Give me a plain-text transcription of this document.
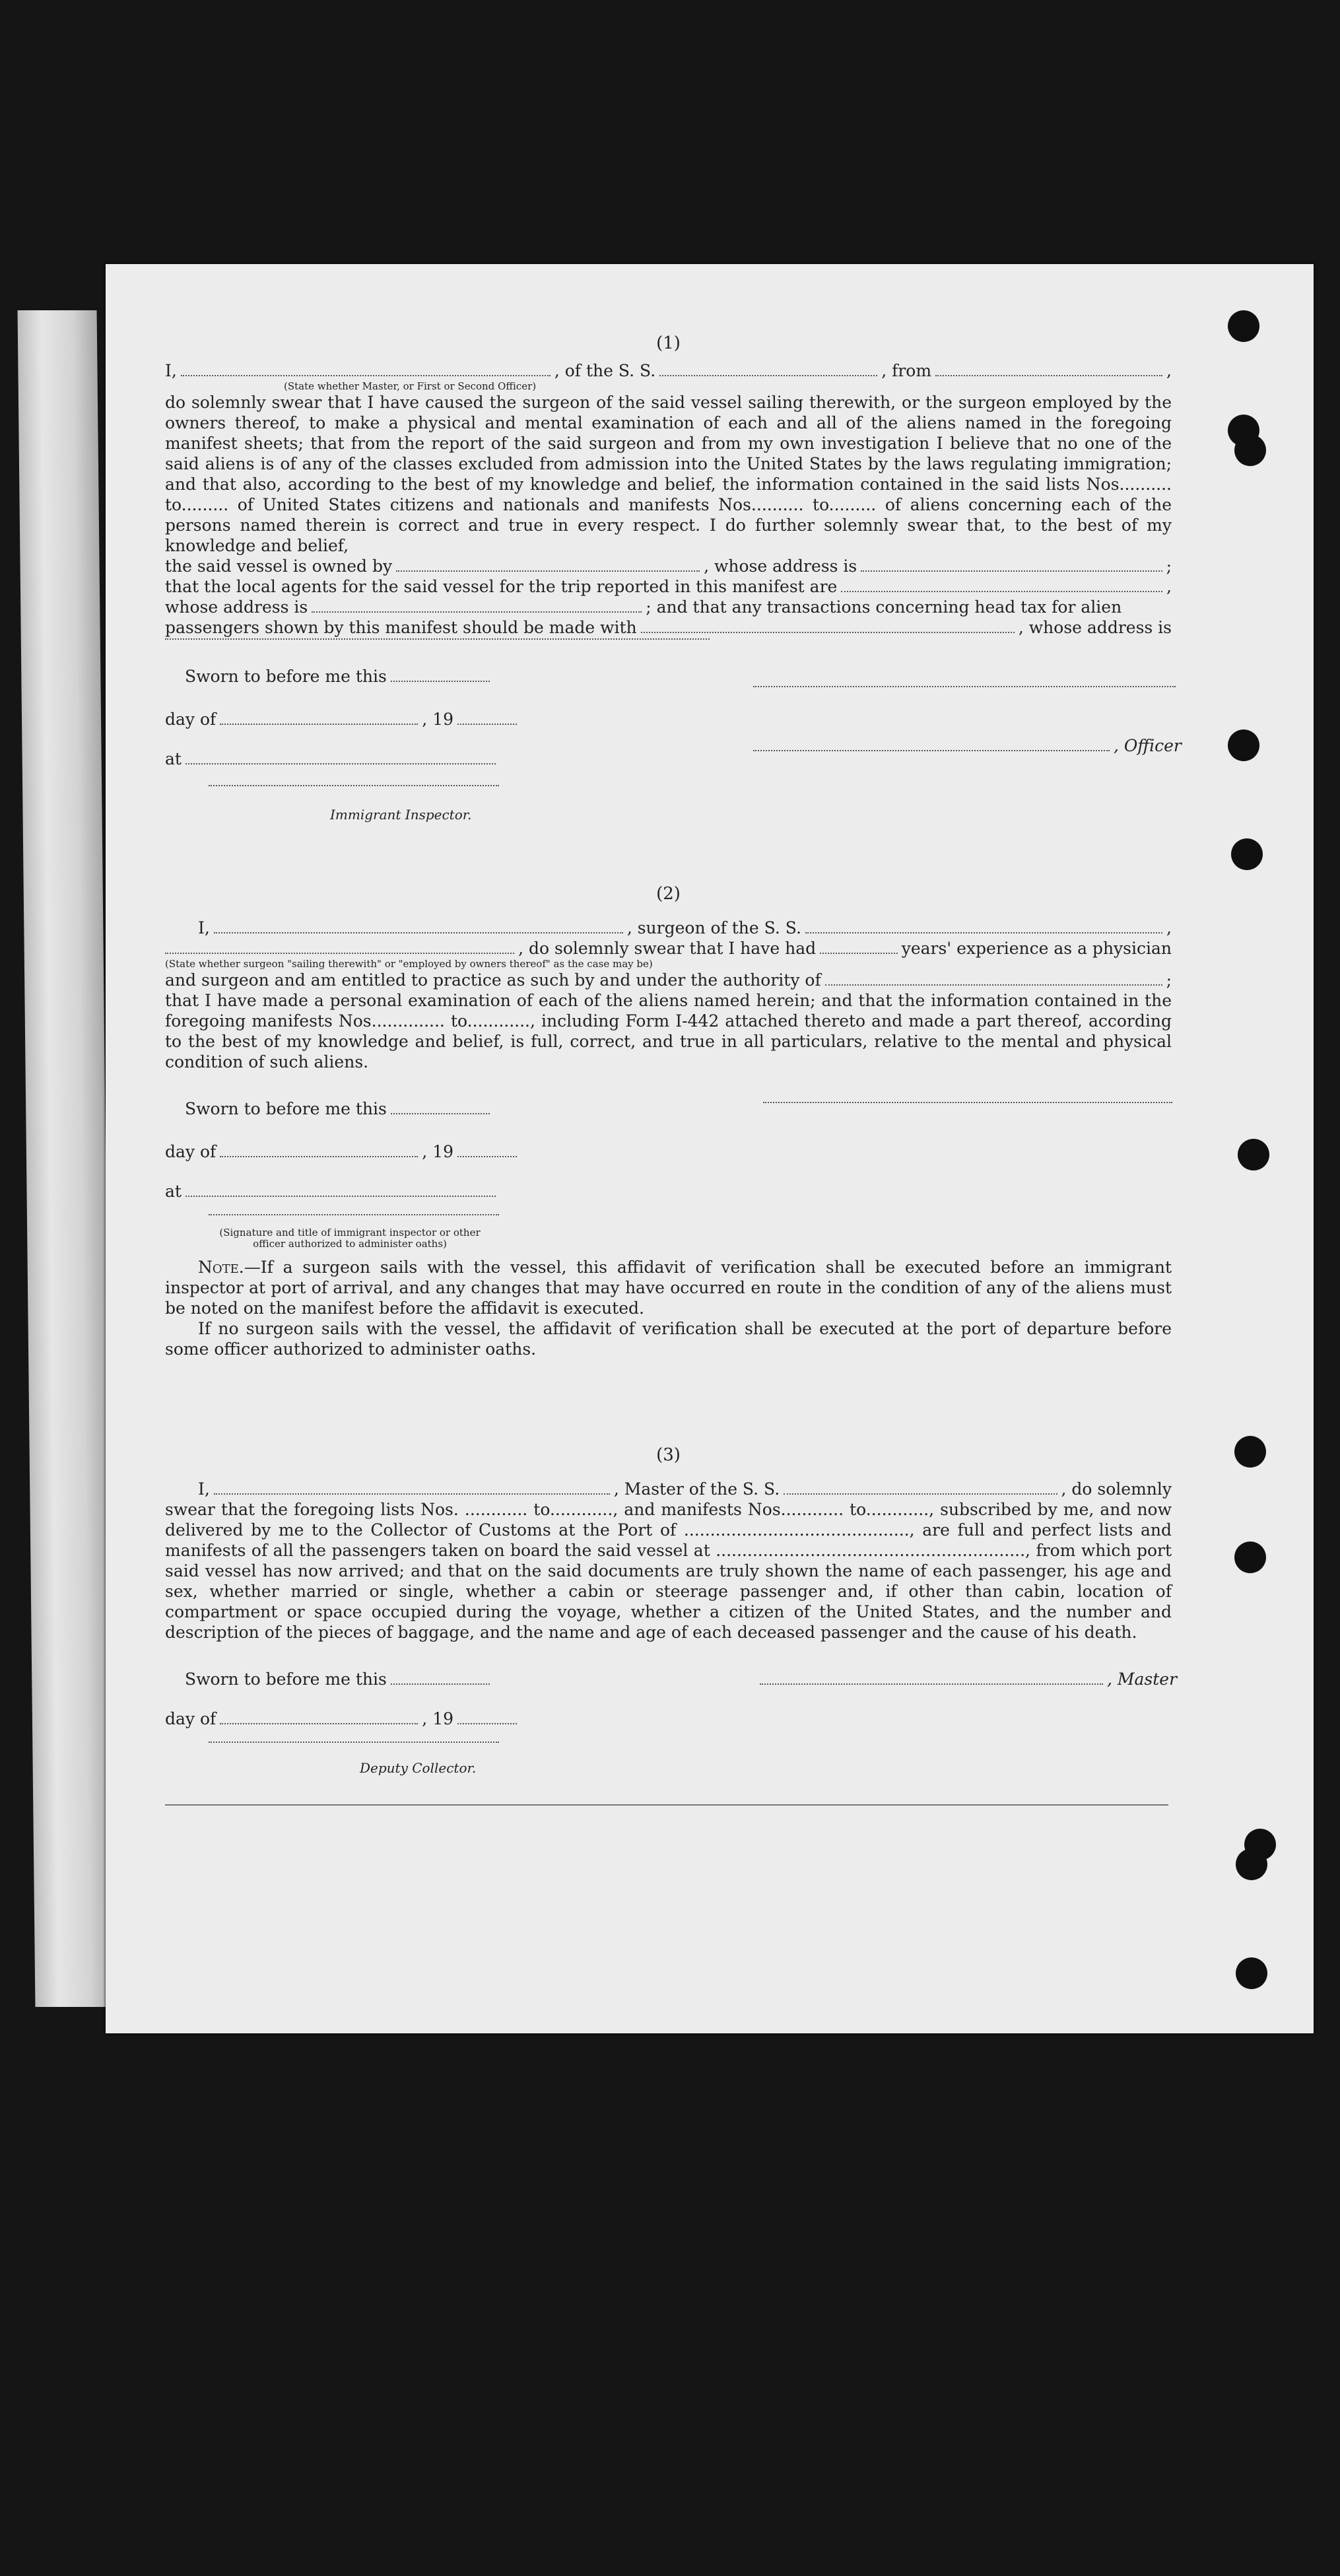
(1)
I,	, of the S. S.	, from	,
(State whether Master, or First or Second Officer)

do solemnly swear that I have caused the surgeon of the said vessel sailing therewith, or the surgeon employed by the owners thereof, to make a physical and mental examination of each and all of the aliens named in the foregoing manifest sheets; that from the report of the said surgeon and from my own investigation I believe that no one of the said aliens is of any of the classes excluded from admission into the United States by the laws regulating immigration; and that also, according to the best of my knowledge and belief, the information contained in the said lists Nos.......... to......... of United States citizens and nationals and manifests Nos.......... to......... of aliens concerning each of the persons named therein is correct and true in every respect. I do further solemnly swear that, to the best of my knowledge and belief,

the said vessel is owned by	, whose address is	;
that the local agents for the said vessel for the trip reported in this manifest are	,
whose address is	; and that any transactions concerning head tax for alien
passengers shown by this manifest should be made with	, whose address is
Sworn to before me this
day of	, 19
at
, Officer
Immigrant Inspector.
(2)
I,	, surgeon of the S. S.	,
, do solemnly swear that I have had	years' experience as a physician
(State whether surgeon "sailing therewith" or "employed by owners thereof" as the case may be)
and surgeon and am entitled to practice as such by and under the authority of	;

that I have made a personal examination of each of the aliens named herein; and that the information contained in the foregoing manifests Nos.............. to............, including Form I-442 attached thereto and made a part thereof, according to the best of my knowledge and belief, is full, correct, and true in all particulars, relative to the mental and physical condition of such aliens.

Sworn to before me this
day of	, 19
at
(Signature and title of immigrant inspector or other officer authorized to administer oaths)

Note.—If a surgeon sails with the vessel, this affidavit of verification shall be executed before an immigrant inspector at port of arrival, and any changes that may have occurred en route in the condition of any of the aliens must be noted on the manifest before the affidavit is executed.

If no surgeon sails with the vessel, the affidavit of verification shall be executed at the port of departure before some officer authorized to administer oaths.

(3)
I,	, Master of the S. S.	, do solemnly

swear that the foregoing lists Nos. ............ to............, and manifests Nos............ to............, subscribed by me, and now delivered by me to the Collector of Customs at the Port of ..........................................., are full and perfect lists and manifests of all the passengers taken on board the said vessel at ..........................................................., from which port said vessel has now arrived; and that on the said documents are truly shown the name of each passenger, his age and sex, whether married or single, whether a cabin or steerage passenger and, if other than cabin, location of compartment or space occupied during the voyage, whether a citizen of the United States, and the number and description of the pieces of baggage, and the name and age of each deceased passenger and the cause of his death.

Sworn to before me this	, Master
day of	, 19
Deputy Collector.
